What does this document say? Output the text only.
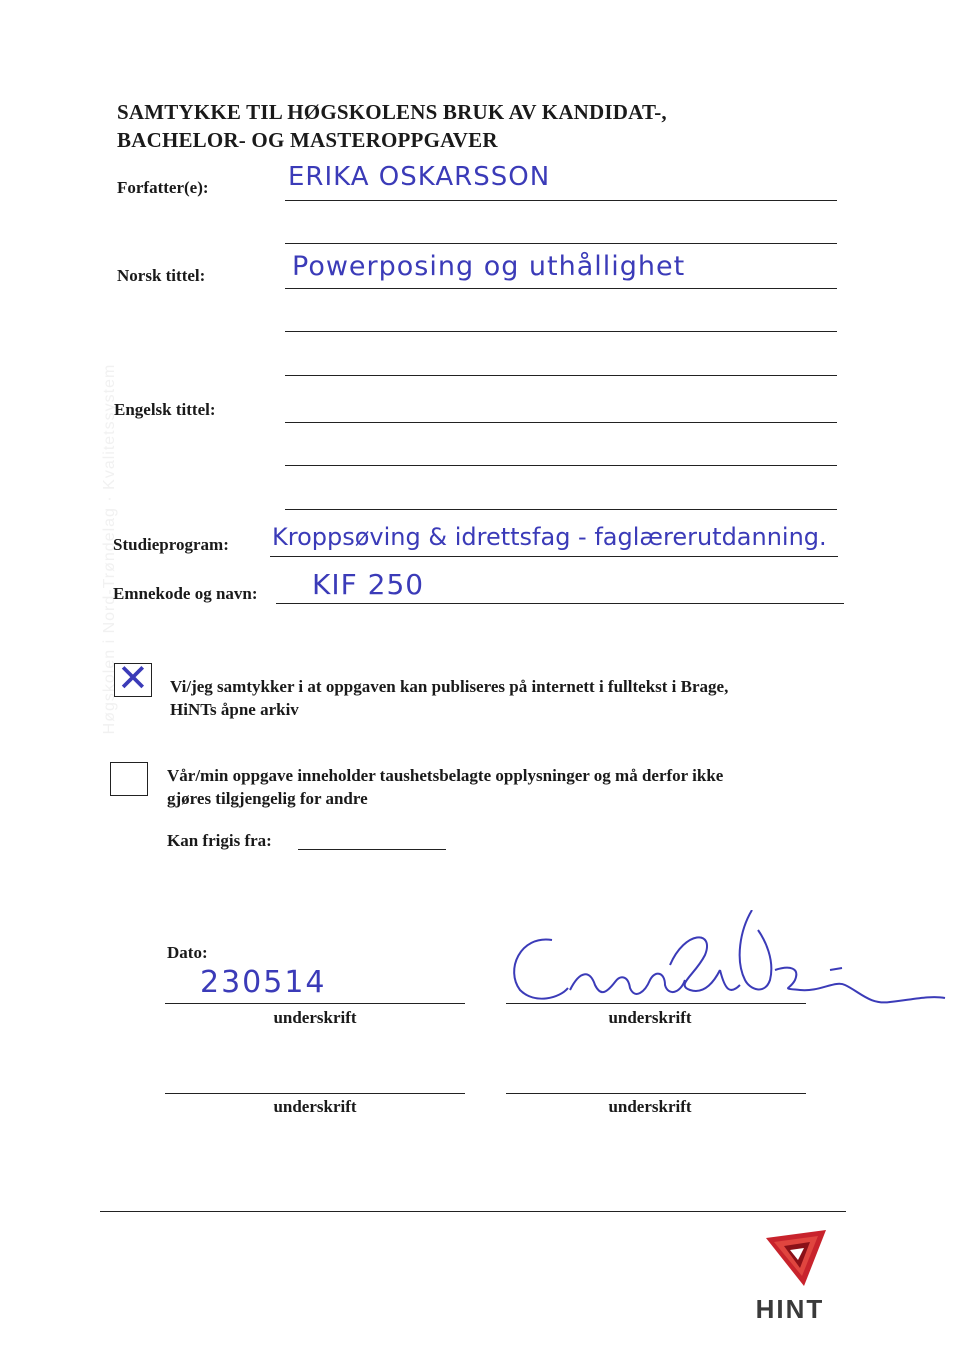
Høgskolen i Nord-Trøndelag · Kvalitetssystem
SAMTYKKE TIL HØGSKOLENS BRUK AV KANDIDAT-,
BACHELOR- OG MASTEROPPGAVER
Forfatter(e):	ERIKA OSKARSSON
Norsk tittel:	Powerposing og uthållighet
Engelsk tittel:
Studieprogram: Kroppsøving & idrettsfag - faglærerutdanning.
Emnekode og navn: KIF 250
✕ Vi/jeg samtykker i at oppgaven kan publiseres på internett i fulltekst i Brage,
HiNTs åpne arkiv
Vår/min oppgave inneholder taushetsbelagte opplysninger og må derfor ikke
gjøres tilgjengelig for andre
Kan frigis fra:
Dato:
230514
underskrift	underskrift
underskrift	underskrift
HINT
